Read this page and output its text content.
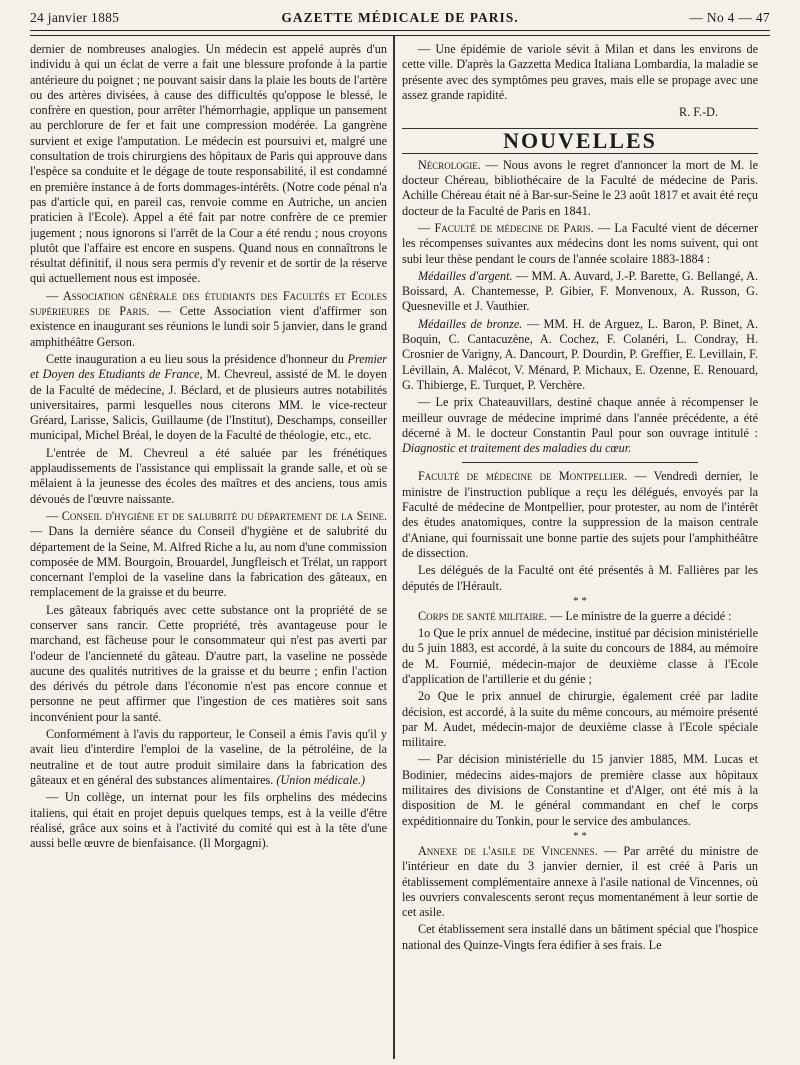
24 janvier 1885	GAZETTE MÉDICALE DE PARIS.	— No 4 — 47

dernier de nombreuses analogies. Un médecin est appelé auprès d'un individu à qui un éclat de verre a fait une blessure profonde à la partie antérieure du poignet ; ne pouvant saisir dans la plaie les bouts de l'artère ou des artères divisées, à cause des difficultés qu'oppose le blessé, le confrère en question, pour arrêter l'hémorrhagie, applique un pansement au perchlorure de fer et fait une compression modérée. La gangrène survient et exige l'amputation. Le médecin est poursuivi et, malgré une consultation de trois chirurgiens des hôpitaux de Paris qui approuve dans l'espèce sa conduite et le dégage de toute responsabilité, il est condamné en première instance à de forts dommages-intérêts. (Notre code pénal n'a pas d'article qui, en pareil cas, renvoie comme en Autriche, un ancien praticien à l'Ecole). Appel a été fait par notre confrère de ce premier jugement ; nous ignorons si l'arrêt de la Cour a été rendu ; nous croyons plutôt que l'affaire est encore en suspens. Quand nous en connaîtrons le résultat définitif, il nous sera permis d'y revenir et de sortir de la réserve qui actuellement nous est imposée.

— Association générale des étudiants des Facultés et Ecoles supérieures de Paris. — Cette Association vient d'affirmer son existence en inaugurant ses réunions le lundi soir 5 janvier, dans le grand amphithéâtre Gerson.

Cette inauguration a eu lieu sous la présidence d'honneur du Premier et Doyen des Etudiants de France, M. Chevreul, assisté de M. le doyen de la Faculté de médecine, J. Béclard, et de plusieurs autres notabilités universitaires, parmi lesquelles nous citerons MM. le vice-recteur Gréard, Larisse, Salicis, Guillaume (de l'Institut), Deschamps, conseiller municipal, Michel Bréal, le doyen de la Faculté de théologie, etc., etc.

L'entrée de M. Chevreul a été saluée par les frénétiques applaudissements de l'assistance qui emplissait la grande salle, et où se mêlaient à la jeunesse des écoles des maîtres et des anciens, tous amis dévoués de l'œuvre naissante.

— Conseil d'hygiène et de salubrité du département de la Seine. — Dans la dernière séance du Conseil d'hygiène et de salubrité du département de la Seine, M. Alfred Riche a lu, au nom d'une commission composée de MM. Bourgoin, Brouardel, Jungfleisch et Trélat, un rapport concernant l'emploi de la vaseline dans la fabrication des gâteaux, en remplacement de la graisse et du beurre.

Les gâteaux fabriqués avec cette substance ont la propriété de se conserver sans rancir. Cette propriété, très avantageuse pour le marchand, est fâcheuse pour le consommateur qui n'est pas averti par l'odeur de l'ancienneté du gâteau. D'autre part, la vaseline ne possède aucune des qualités nutritives de la graisse et du beurre ; enfin l'action des dérivés du pétrole dans l'économie n'est pas encore connue et personne ne peut affirmer que l'ingestion de ces matières soit sans inconvénient pour la santé.

Conformément à l'avis du rapporteur, le Conseil a émis l'avis qu'il y avait lieu d'interdire l'emploi de la vaseline, de la pétroléine, de la neutraline et de tout autre produit similaire dans la fabrication des gâteaux et en général des substances alimentaires. (Union médicale.)

— Un collège, un internat pour les fils orphelins des médecins italiens, qui était en projet depuis quelques temps, est à la veille d'être réalisé, grâce aux soins et à l'activité du comité qui est à la tête d'une aussi belle œuvre de bienfaisance. (Il Morgagni).

— Une épidémie de variole sévit à Milan et dans les environs de cette ville. D'après la Gazzetta Medica Italiana Lombardia, la maladie se présente avec des symptômes peu graves, mais elle se propage avec une assez grande rapidité.

R. F.-D.
NOUVELLES

Nécrologie. — Nous avons le regret d'annoncer la mort de M. le docteur Chéreau, bibliothécaire de la Faculté de médecine de Paris. Achille Chéreau était né à Bar-sur-Seine le 23 août 1817 et avait été reçu docteur de la Faculté de Paris en 1841.

— Faculté de médecine de Paris. — La Faculté vient de décerner les récompenses suivantes aux médecins dont les noms suivent, qui ont subi leur thèse pendant le cours de l'année scolaire 1883-1884 :

Médailles d'argent. — MM. A. Auvard, J.-P. Barette, G. Bellangé, A. Boissard, A. Chantemesse, P. Gibier, F. Monvenoux, A. Russon, G. Quesneville et J. Vauthier.

Médailles de bronze. — MM. H. de Arguez, L. Baron, P. Binet, A. Boquin, C. Cantacuzène, A. Cochez, F. Colanéri, L. Condray, H. Crosnier de Varigny, A. Dancourt, P. Dourdin, P. Greffier, E. Levillain, F. Lévillain, A. Malécot, V. Ménard, P. Michaux, E. Ozenne, E. Renouard, G. Thibierge, E. Turquet, P. Verchère.

— Le prix Chateauvillars, destiné chaque année à récompenser le meilleur ouvrage de médecine imprimé dans l'année précédente, a été décerné à M. le docteur Constantin Paul pour son ouvrage intitulé : Diagnostic et traitement des maladies du cœur.

Faculté de médecine de Montpellier. — Vendredi dernier, le ministre de l'instruction publique a reçu les délégués, envoyés par la Faculté de médecine de Montpellier, pour protester, au nom de l'intérêt des études anatomiques, contre la suppression de la maison centrale d'Aniane, qui fournissait une bonne partie des sujets pour l'amphithéâtre de dissection.

Les délégués de la Faculté ont été présentés à M. Fallières par les députés de l'Hérault.

* *

Corps de santé militaire. — Le ministre de la guerre a décidé :

1o Que le prix annuel de médecine, institué par décision ministérielle du 5 juin 1883, est accordé, à la suite du concours de 1884, au mémoire de M. Fournié, médecin-major de deuxième classe à l'Ecole d'application de l'artillerie et du génie ;

2o Que le prix annuel de chirurgie, également créé par ladite décision, est accordé, à la suite du même concours, au mémoire présenté par M. Audet, médecin-major de deuxième classe à l'Ecole spéciale militaire.

— Par décision ministérielle du 15 janvier 1885, MM. Lucas et Bodinier, médecins aides-majors de première classe aux hôpitaux militaires des divisions de Constantine et d'Alger, ont été mis à la disposition de M. le général commandant en chef le corps expéditionnaire du Tonkin, pour le service des ambulances.

* *

Annexe de l'asile de Vincennes. — Par arrêté du ministre de l'intérieur en date du 3 janvier dernier, il est créé à Paris un établissement complémentaire annexe à l'asile national de Vincennes, où les ouvriers convalescents seront reçus momentanément à leur sortie de cet asile.

Cet établissement sera installé dans un bâtiment spécial que l'hospice national des Quinze-Vingts fera édifier à ses frais. Le
